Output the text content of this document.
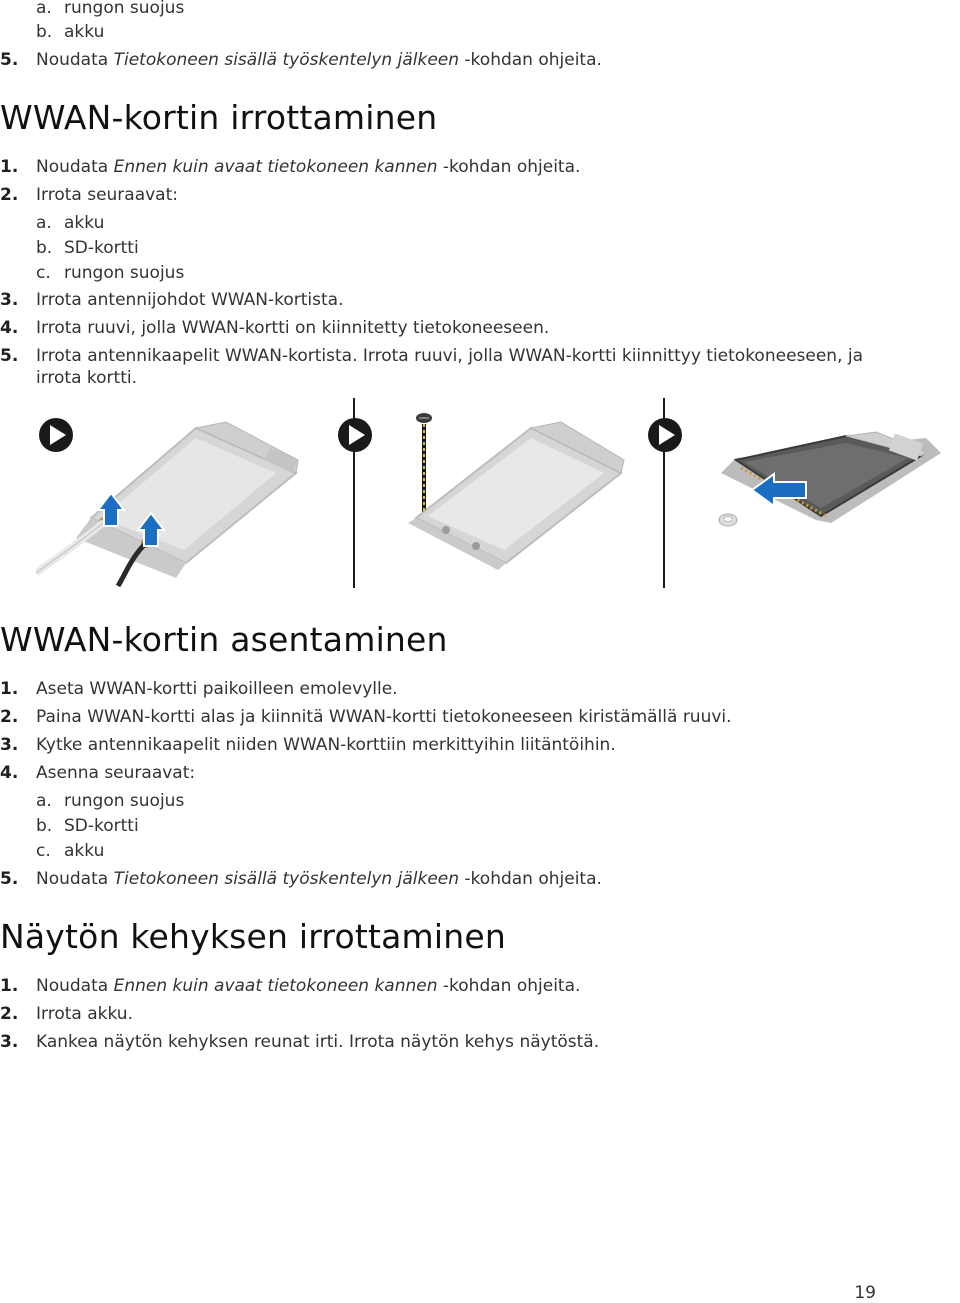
a. rungon suojus
b. akku
5. Noudata Tietokoneen sisällä työskentelyn jälkeen -kohdan ohjeita.
WWAN-kortin irrottaminen
1. Noudata Ennen kuin avaat tietokoneen kannen -kohdan ohjeita.
2. Irrota seuraavat:
a. akku
b. SD-kortti
c. rungon suojus
3. Irrota antennijohdot WWAN-kortista.
4. Irrota ruuvi, jolla WWAN-kortti on kiinnitetty tietokoneeseen.
5. Irrota antennikaapelit WWAN-kortista. Irrota ruuvi, jolla WWAN-kortti kiinnittyy tietokoneeseen, ja
irrota kortti.
WWAN-kortin asentaminen
1. Aseta WWAN-kortti paikoilleen emolevylle.
2. Paina WWAN-kortti alas ja kiinnitä WWAN-kortti tietokoneeseen kiristämällä ruuvi.
3. Kytke antennikaapelit niiden WWAN-korttiin merkittyihin liitäntöihin.
4. Asenna seuraavat:
a. rungon suojus
b. SD-kortti
c. akku
5. Noudata Tietokoneen sisällä työskentelyn jälkeen -kohdan ohjeita.
Näytön kehyksen irrottaminen
1. Noudata Ennen kuin avaat tietokoneen kannen -kohdan ohjeita.
2. Irrota akku.
3. Kankea näytön kehyksen reunat irti. Irrota näytön kehys näytöstä.
19
